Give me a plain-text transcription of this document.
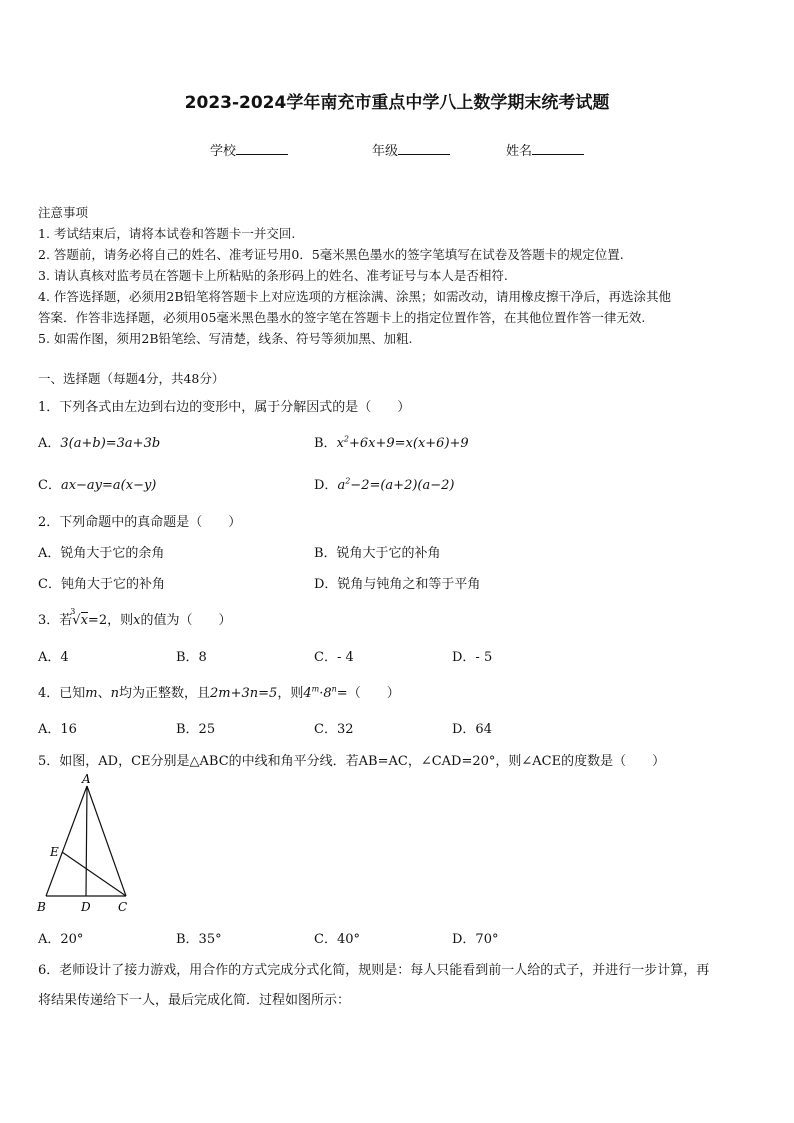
2023-2024学年南充市重点中学八上数学期末统考试题
学校	年级	姓名
注意事项
1. 考试结束后，请将本试卷和答题卡一并交回.
2. 答题前，请务必将自己的姓名、准考证号用0．5毫米黑色墨水的签字笔填写在试卷及答题卡的规定位置.
3. 请认真核对监考员在答题卡上所粘贴的条形码上的姓名、准考证号与本人是否相符.
4. 作答选择题，必须用2B铅笔将答题卡上对应选项的方框涂满、涂黑；如需改动，请用橡皮擦干净后，再选涂其他
答案．作答非选择题，必须用05毫米黑色墨水的签字笔在答题卡上的指定位置作答，在其他位置作答一律无效.
5. 如需作图，须用2B铅笔绘、写清楚，线条、符号等须加黑、加粗.
一、选择题（每题4分，共48分）
1．下列各式由左边到右边的变形中，属于分解因式的是（　　）
A．3(a+b)=3a+3b	B．$x^2+6x+9=x(x+6)+9$
C．ax−ay=a(x−y)	D．$a^2-2=(a+2)(a-2)$
2．下列命题中的真命题是（　　）
A．锐角大于它的余角	B．锐角大于它的补角
C．钝角大于它的补角	D．锐角与钝角之和等于平角
3．若
3
√x=2，则x的值为（　　）
A．4	B．8	C．- 4	D．- 5
4．已知m、n均为正整数，且2m+3n=5，则$4^m\cdot 8^n=$（　　）
A．16	B．25	C．32	D．64
5．如图，AD，CE分别是△ABC的中线和角平分线．若AB=AC，∠CAD=20°，则∠ACE的度数是（　　）
A
E
B	D C
A．20°	B．35°	C．40°	D．70°
6．老师设计了接力游戏，用合作的方式完成分式化简，规则是：每人只能看到前一人给的式子，并进行一步计算，再
将结果传递给下一人，最后完成化简．过程如图所示：
